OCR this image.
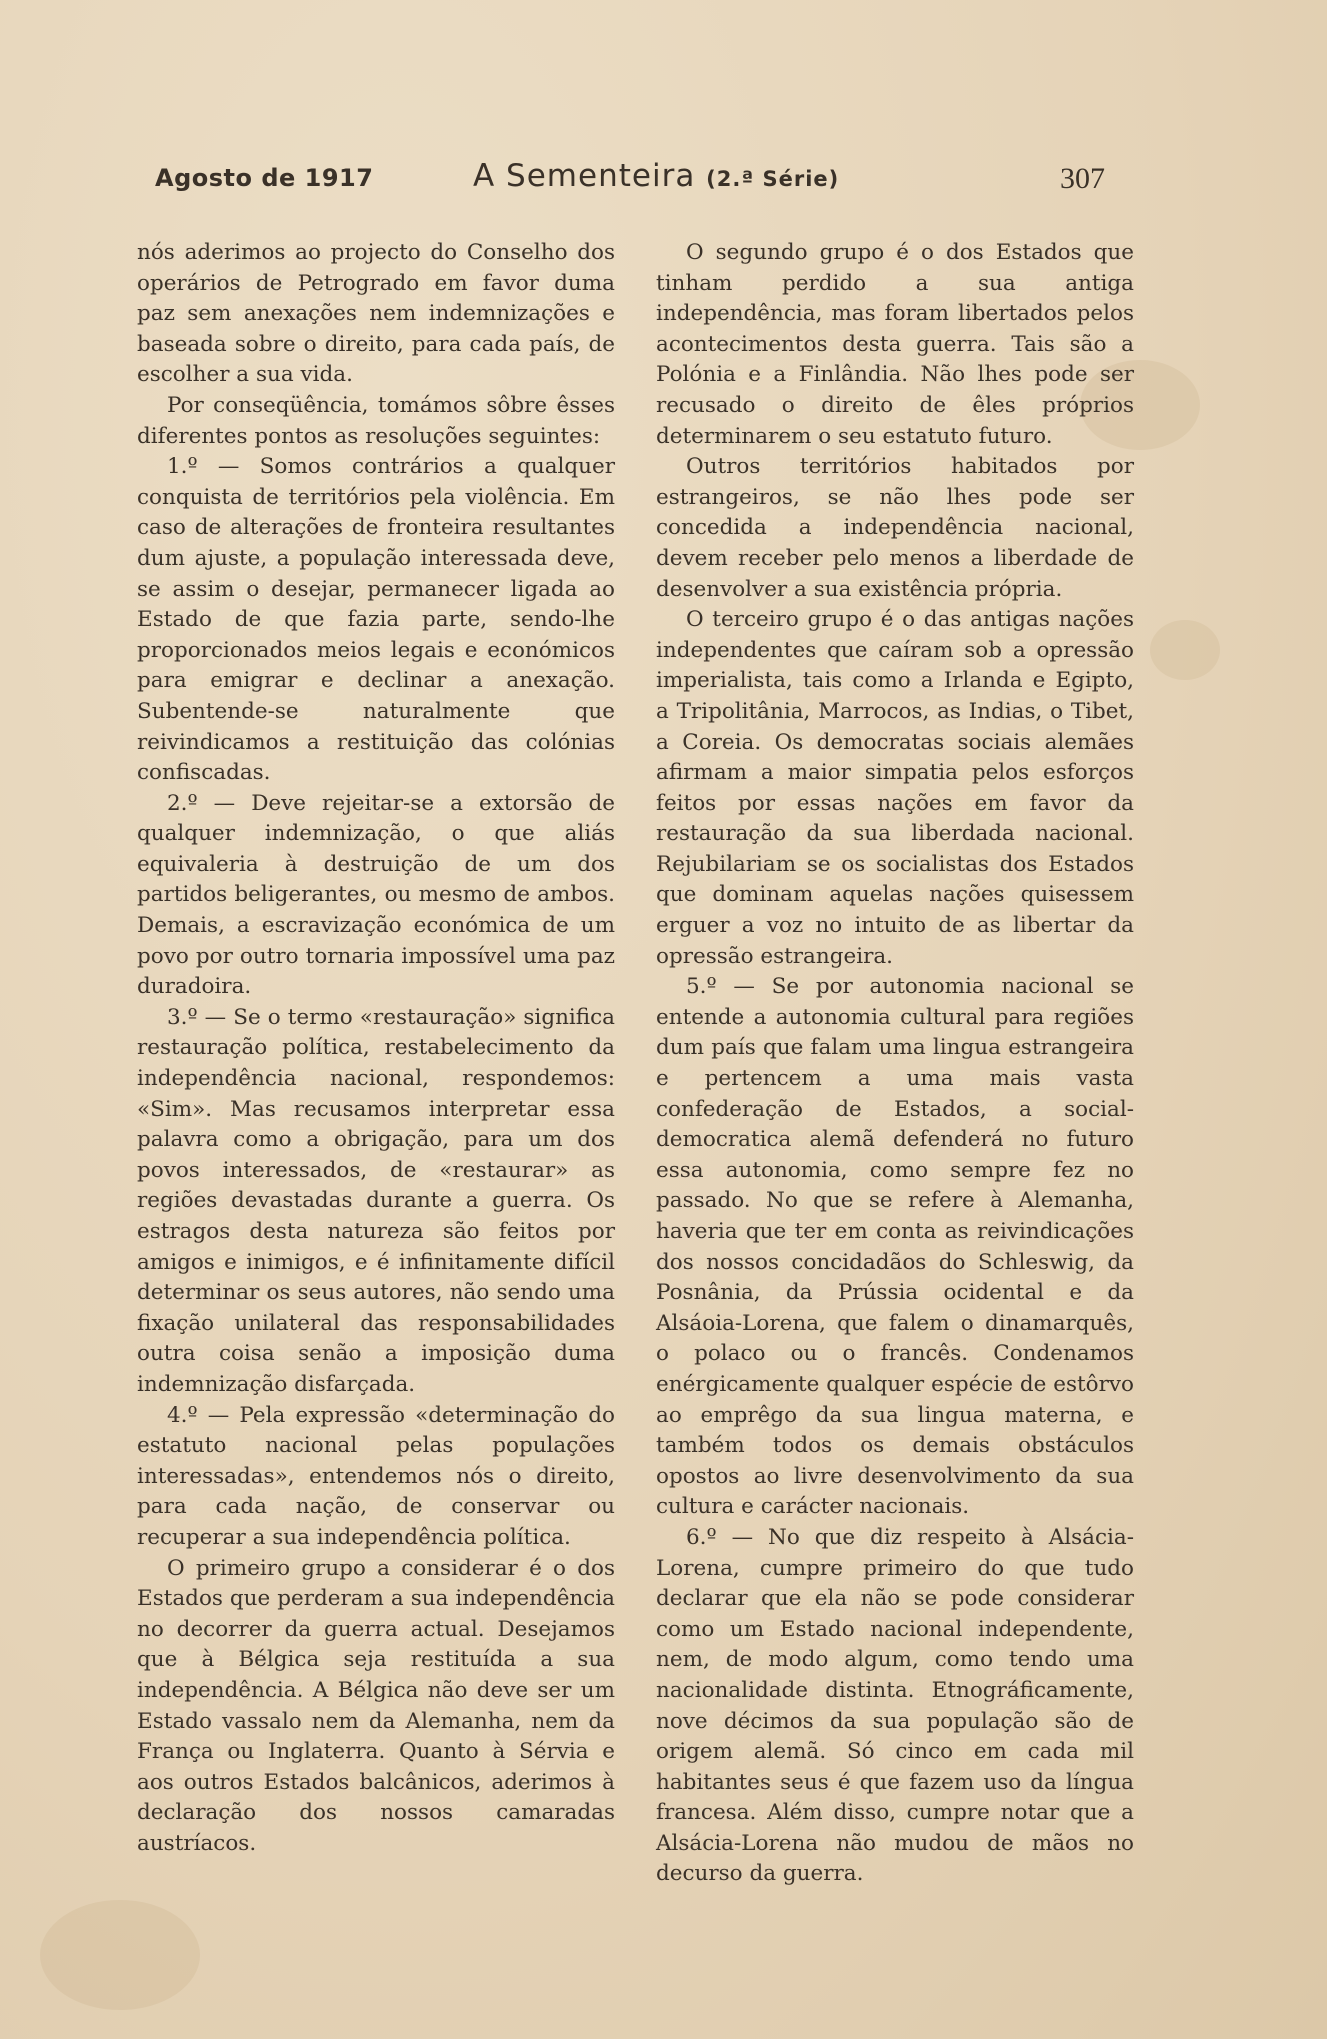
Agosto de 1917	A Sementeira (2.ª Série)	307

nós aderimos ao projecto do Conselho dos operários de Petrogrado em favor duma paz sem anexações nem indemnizações e baseada sobre o direito, para cada país, de escolher a sua vida.

Por conseqüência, tomámos sôbre êsses diferentes pontos as resoluções seguintes:

1.º — Somos contrários a qualquer conquista de territórios pela violência. Em caso de alterações de fronteira resultantes dum ajuste, a população interessada deve, se assim o desejar, permanecer ligada ao Estado de que fazia parte, sendo-lhe proporcionados meios legais e económicos para emigrar e declinar a anexação. Subentende-se naturalmente que reivindicamos a restituição das colónias confiscadas.

2.º — Deve rejeitar-se a extorsão de qualquer indemnização, o que aliás equivaleria à destruição de um dos partidos beligerantes, ou mesmo de ambos. Demais, a escravização económica de um povo por outro tornaria impossível uma paz duradoira.

3.º — Se o termo «restauração» significa restauração política, restabelecimento da independência nacional, respondemos: «Sim». Mas recusamos interpretar essa palavra como a obrigação, para um dos povos interessados, de «restaurar» as regiões devastadas durante a guerra. Os estragos desta natureza são feitos por amigos e inimigos, e é infinitamente difícil determinar os seus autores, não sendo uma fixação unilateral das responsabilidades outra coisa senão a imposição duma indemnização disfarçada.

4.º — Pela expressão «determinação do estatuto nacional pelas populações interessadas», entendemos nós o direito, para cada nação, de conservar ou recuperar a sua independência política.

O primeiro grupo a considerar é o dos Estados que perderam a sua independência no decorrer da guerra actual. Desejamos que à Bélgica seja restituída a sua independência. A Bélgica não deve ser um Estado vassalo nem da Alemanha, nem da França ou Inglaterra. Quanto à Sérvia e aos outros Estados balcânicos, aderimos à declaração dos nossos camaradas austríacos.

O segundo grupo é o dos Estados que tinham perdido a sua antiga independência, mas foram libertados pelos acontecimentos desta guerra. Tais são a Polónia e a Finlândia. Não lhes pode ser recusado o direito de êles próprios determinarem o seu estatuto futuro.

Outros territórios habitados por estrangeiros, se não lhes pode ser concedida a independência nacional, devem receber pelo menos a liberdade de desenvolver a sua existência própria.

O terceiro grupo é o das antigas nações independentes que caíram sob a opressão imperialista, tais como a Irlanda e Egipto, a Tripolitânia, Marrocos, as Indias, o Tibet, a Coreia. Os democratas sociais alemães afirmam a maior simpatia pelos esforços feitos por essas nações em favor da restauração da sua liberdada nacional. Rejubilariam se os socialistas dos Estados que dominam aquelas nações quisessem erguer a voz no intuito de as libertar da opressão estrangeira.

5.º — Se por autonomia nacional se entende a autonomia cultural para regiões dum país que falam uma lingua estrangeira e pertencem a uma mais vasta confederação de Estados, a social-democratica alemã defenderá no futuro essa autonomia, como sempre fez no passado. No que se refere à Alemanha, haveria que ter em conta as reivindicações dos nossos concidadãos do Schleswig, da Posnânia, da Prússia ocidental e da Alsáoia-Lorena, que falem o dinamarquês, o polaco ou o francês. Condenamos enérgicamente qualquer espécie de estôrvo ao emprêgo da sua lingua materna, e também todos os demais obstáculos opostos ao livre desenvolvimento da sua cultura e carácter nacionais.

6.º — No que diz respeito à Alsácia-Lorena, cumpre primeiro do que tudo declarar que ela não se pode considerar como um Estado nacional independente, nem, de modo algum, como tendo uma nacionalidade distinta. Etnográficamente, nove décimos da sua população são de origem alemã. Só cinco em cada mil habitantes seus é que fazem uso da língua francesa. Além disso, cumpre notar que a Alsácia-Lorena não mudou de mãos no decurso da guerra.
